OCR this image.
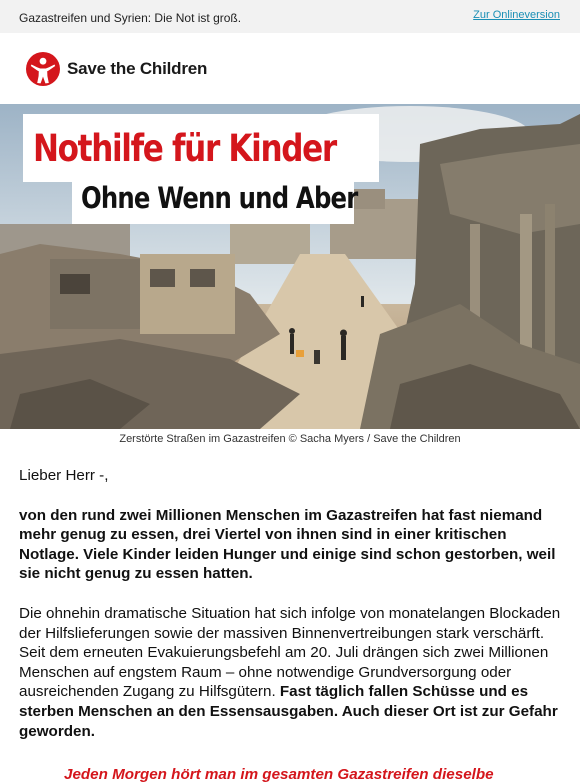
Gazastreifen und Syrien: Die Not ist groß.	Zur Onlineversion
Save the Children
Nothilfe für Kinder
Ohne Wenn und Aber
Zerstörte Straßen im Gazastreifen © Sacha Myers / Save the Children

Lieber Herr -,

von den rund zwei Millionen Menschen im Gazastreifen hat fast niemand mehr genug zu essen, drei Viertel von ihnen sind in einer kritischen Notlage. Viele Kinder leiden Hunger und einige sind schon gestorben, weil sie nicht genug zu essen hatten.

Die ohnehin dramatische Situation hat sich infolge von monatelangen Blockaden der Hilfslieferungen sowie der massiven Binnenvertreibungen stark verschärft. Seit dem erneuten Evakuierungsbefehl am 20. Juli drängen sich zwei Millionen Menschen auf engstem Raum – ohne notwendige Grundversorgung oder ausreichenden Zugang zu Hilfsgütern. Fast täglich fallen Schüsse und es sterben Menschen an den Essensausgaben. Auch dieser Ort ist zur Gefahr geworden.

Jeden Morgen hört man im gesamten Gazastreifen dieselbe
